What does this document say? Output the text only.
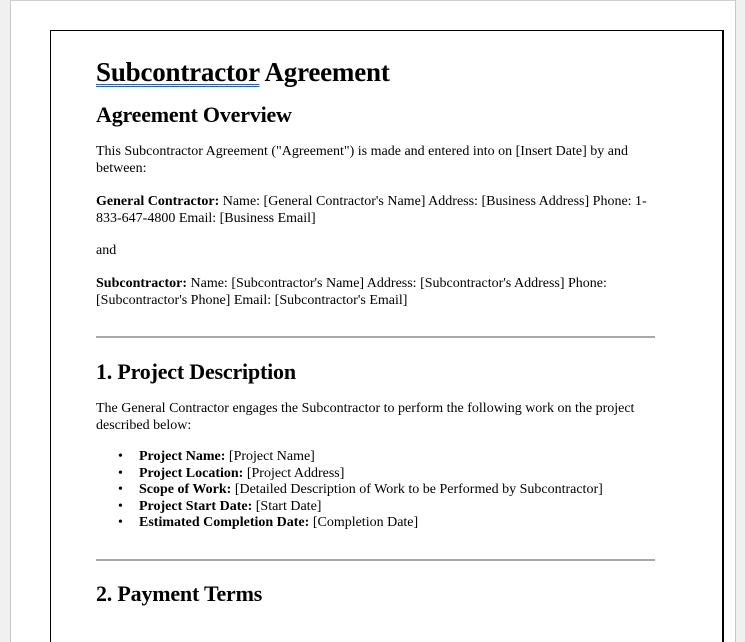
Subcontractor Agreement
Agreement Overview

This Subcontractor Agreement ("Agreement") is made and entered into on [Insert Date] by and between:

General Contractor: Name: [General Contractor's Name] Address: [Business Address] Phone: 1-833-647-4800 Email: [Business Email]

and

Subcontractor: Name: [Subcontractor's Name] Address: [Subcontractor's Address] Phone: [Subcontractor's Phone] Email: [Subcontractor's Email]

1. Project Description

The General Contractor engages the Subcontractor to perform the following work on the project described below:

• Project Name: [Project Name]
• Project Location: [Project Address]
• Scope of Work: [Detailed Description of Work to be Performed by Subcontractor]
• Project Start Date: [Start Date]
• Estimated Completion Date: [Completion Date]
2. Payment Terms
